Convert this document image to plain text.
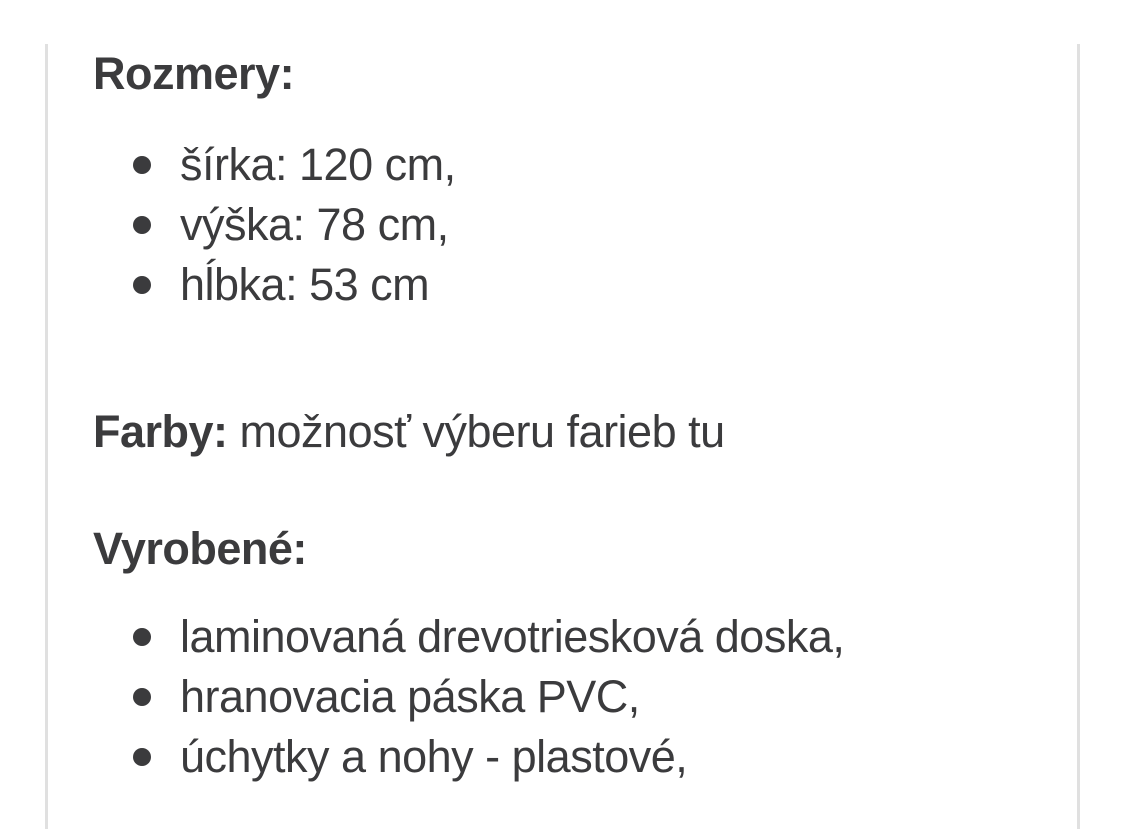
Rozmery:
šírka: 120 cm,
výška: 78 cm,
hĺbka: 53 cm

Farby: možnosť výberu farieb tu

Vyrobené:
laminovaná drevotriesková doska,
hranovacia páska PVC,
úchytky a nohy - plastové,
